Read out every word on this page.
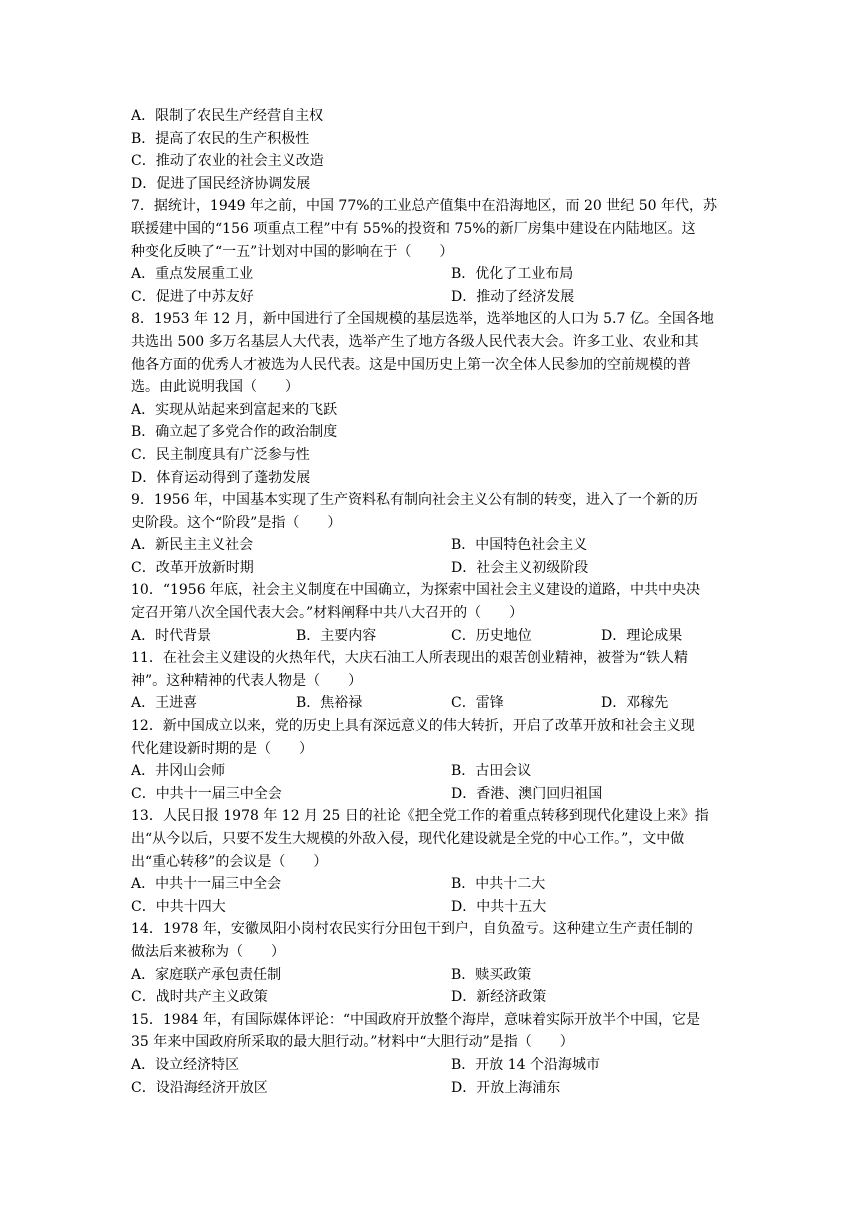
A．限制了农民生产经营自主权
B．提高了农民的生产积极性
C．推动了农业的社会主义改造
D．促进了国民经济协调发展
7．据统计，1949 年之前，中国 77%的工业总产值集中在沿海地区，而 20 世纪 50 年代，苏
联援建中国的“156 项重点工程”中有 55%的投资和 75%的新厂房集中建设在内陆地区。这
种变化反映了“一五”计划对中国的影响在于（　　）
A．重点发展重工业	B．优化了工业布局
C．促进了中苏友好	D．推动了经济发展
8．1953 年 12 月，新中国进行了全国规模的基层选举，选举地区的人口为 5.7 亿。全国各地
共选出 500 多万名基层人大代表，选举产生了地方各级人民代表大会。许多工业、农业和其
他各方面的优秀人才被选为人民代表。这是中国历史上第一次全体人民参加的空前规模的普
选。由此说明我国（　　）
A．实现从站起来到富起来的飞跃
B．确立起了多党合作的政治制度
C．民主制度具有广泛参与性
D．体育运动得到了蓬勃发展
9．1956 年，中国基本实现了生产资料私有制向社会主义公有制的转变，进入了一个新的历
史阶段。这个“阶段”是指（　　）
A．新民主主义社会	B．中国特色社会主义
C．改革开放新时期	D．社会主义初级阶段
10．“1956 年底，社会主义制度在中国确立，为探索中国社会主义建设的道路，中共中央决
定召开第八次全国代表大会。”材料阐释中共八大召开的（　　）
A．时代背景	B．主要内容	C．历史地位	D．理论成果
11．在社会主义建设的火热年代，大庆石油工人所表现出的艰苦创业精神，被誉为“铁人精
神”。这种精神的代表人物是（　　）
A．王进喜	B．焦裕禄	C．雷锋	D．邓稼先
12．新中国成立以来，党的历史上具有深远意义的伟大转折，开启了改革开放和社会主义现
代化建设新时期的是（　　）
A．井冈山会师	B．古田会议
C．中共十一届三中全会	D．香港、澳门回归祖国
13．人民日报 1978 年 12 月 25 日的社论《把全党工作的着重点转移到现代化建设上来》指
出“从今以后，只要不发生大规模的外敌入侵，现代化建设就是全党的中心工作。”，文中做
出“重心转移”的会议是（　　）
A．中共十一届三中全会	B．中共十二大
C．中共十四大	D．中共十五大
14．1978 年，安徽凤阳小岗村农民实行分田包干到户，自负盈亏。这种建立生产责任制的
做法后来被称为（　　）
A．家庭联产承包责任制	B．赎买政策
C．战时共产主义政策	D．新经济政策
15．1984 年，有国际媒体评论：“中国政府开放整个海岸，意味着实际开放半个中国，它是
35 年来中国政府所采取的最大胆行动。”材料中“大胆行动”是指（　　）
A．设立经济特区	B．开放 14 个沿海城市
C．设沿海经济开放区	D．开放上海浦东
